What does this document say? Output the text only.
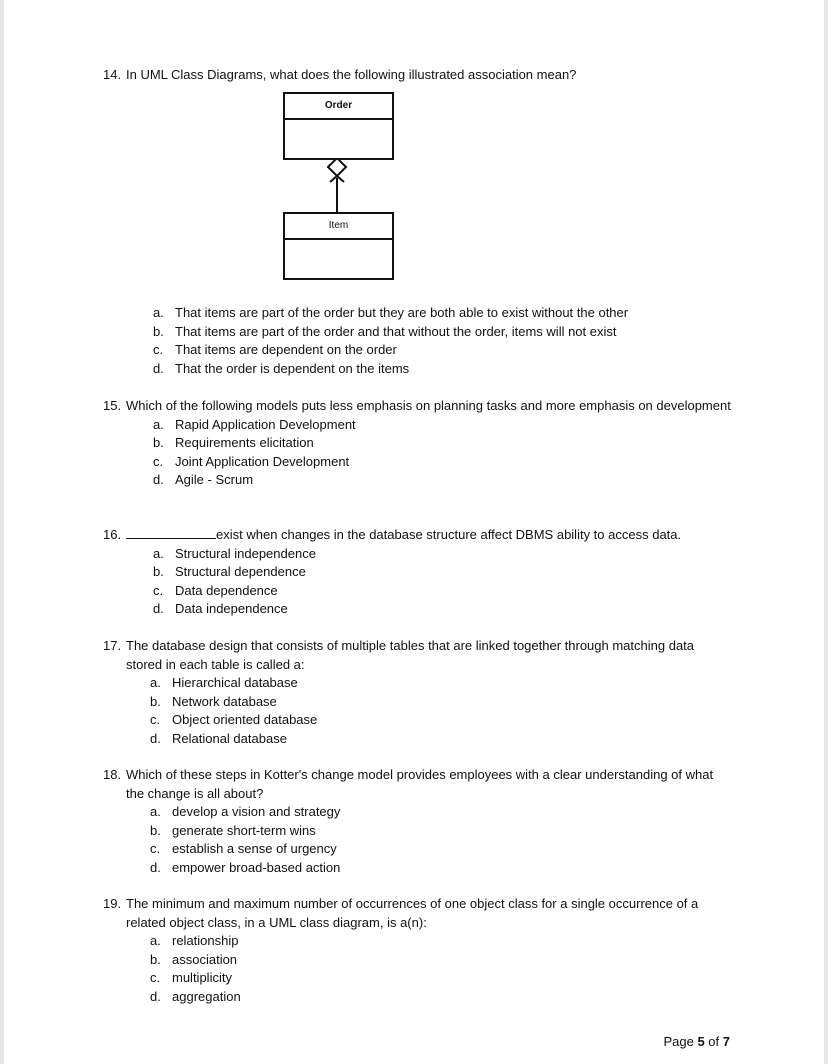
14. In UML Class Diagrams, what does the following illustrated association mean?
Order
Item
a. That items are part of the order but they are both able to exist without the other
b. That items are part of the order and that without the order, items will not exist
c. That items are dependent on the order
d. That the order is dependent on the items
15. Which of the following models puts less emphasis on planning tasks and more emphasis on development
a. Rapid Application Development
b. Requirements elicitation
c. Joint Application Development
d. Agile - Scrum
16.	exist when changes in the database structure affect DBMS ability to access data.
a. Structural independence
b. Structural dependence
c. Data dependence
d. Data independence
17. The database design that consists of multiple tables that are linked together through matching data stored in each table is called a:
a. Hierarchical database
b. Network database
c. Object oriented database
d. Relational database
18. Which of these steps in Kotter's change model provides employees with a clear understanding of what the change is all about?
a. develop a vision and strategy
b. generate short-term wins
c. establish a sense of urgency
d. empower broad-based action
19. The minimum and maximum number of occurrences of one object class for a single occurrence of a related object class, in a UML class diagram, is a(n):
a. relationship
b. association
c. multiplicity
d. aggregation
Page 5 of 7
